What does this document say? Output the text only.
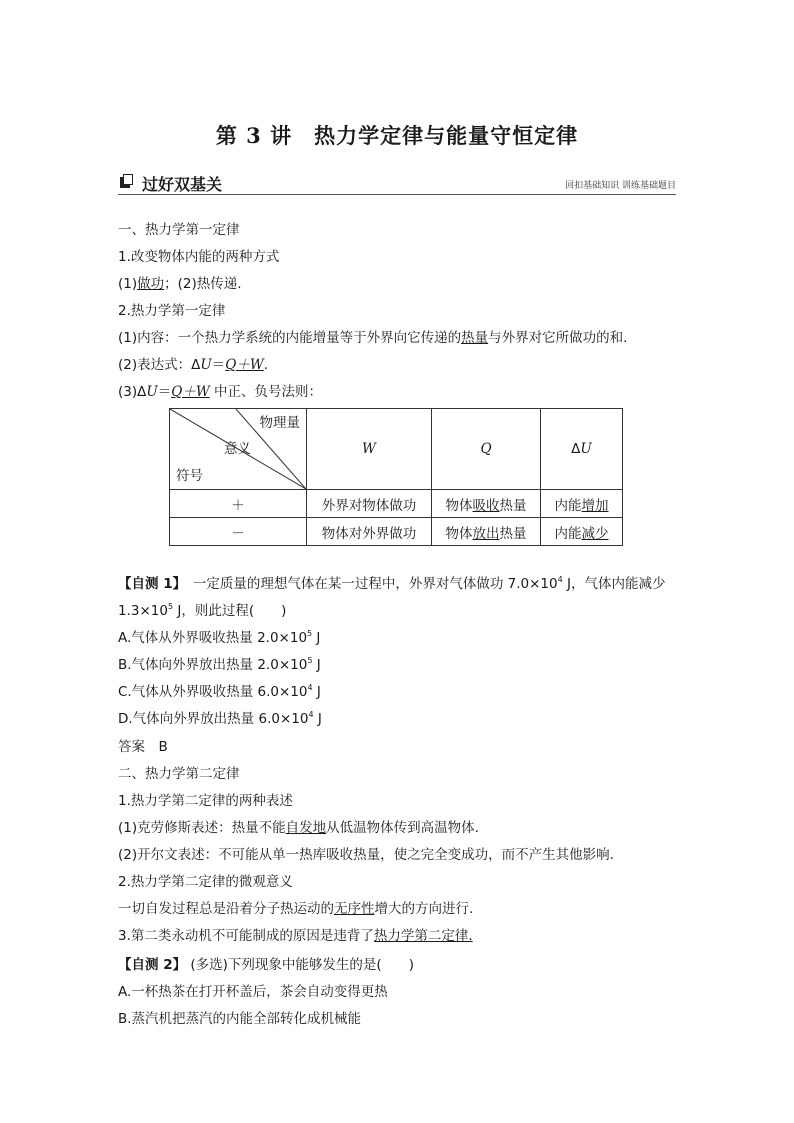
第 3 讲　热力学定律与能量守恒定律
过好双基关	回扣基础知识 训练基础题目
一、热力学第一定律
1.改变物体内能的两种方式
(1)做功；(2)热传递.
2.热力学第一定律
(1)内容：一个热力学系统的内能增量等于外界向它传递的热量与外界对它所做功的和.
(2)表达式：ΔU＝Q＋W.
(3)ΔU＝Q＋W 中正、负号法则：
物理量
意义
符号	W	Q	ΔU
＋	外界对物体做功	物体吸收热量	内能增加
－	物体对外界做功	物体放出热量	内能减少
【自测 1】　 一定质量的理想气体在某一过程中，外界对气体做功 $7.0\times 10^4$ J，气体内能减少
$1.3\times 10^5$ J，则此过程(　　)
A.气体从外界吸收热量 $2.0\times 10^5$ J
B.气体向外界放出热量 $2.0\times 10^5$ J
C.气体从外界吸收热量 $6.0\times 10^4$ J
D.气体向外界放出热量 $6.0\times 10^4$ J
答案　B
二、热力学第二定律
1.热力学第二定律的两种表述
(1)克劳修斯表述：热量不能自发地从低温物体传到高温物体.
(2)开尔文表述：不可能从单一热库吸收热量，使之完全变成功，而不产生其他影响.
2.热力学第二定律的微观意义
一切自发过程总是沿着分子热运动的无序性增大的方向进行.
3.第二类永动机不可能制成的原因是违背了热力学第二定律.
【自测 2】 (多选)下列现象中能够发生的是(　　)
A.一杯热茶在打开杯盖后，茶会自动变得更热
B.蒸汽机把蒸汽的内能全部转化成机械能
